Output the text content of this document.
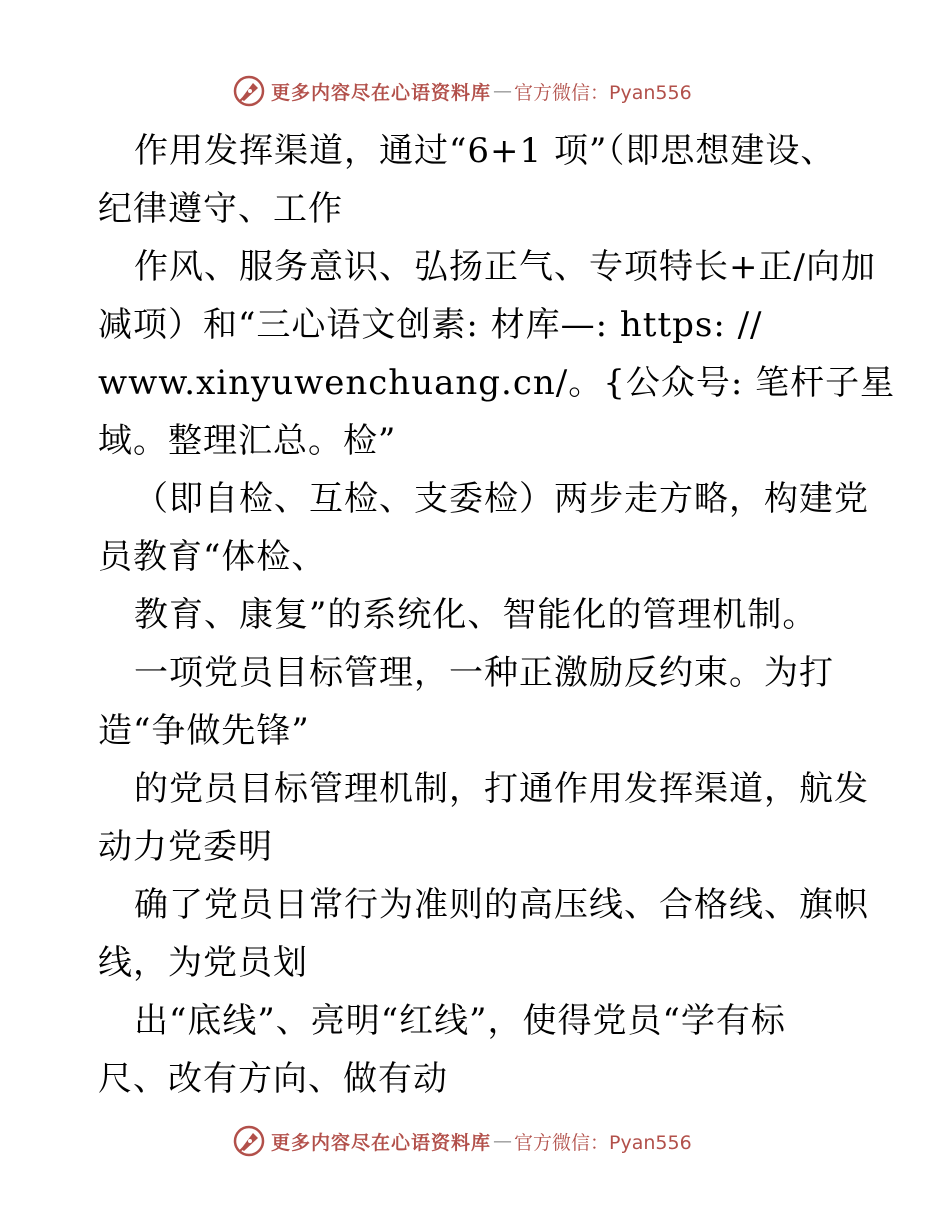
更多内容尽在心语资料库 — 官方微信：Pyan556
作用发挥渠道，通过“6+1 项”（即思想建设、
纪律遵守、工作
作风、服务意识、弘扬正气、专项特长+正/向加
减项）和“三心语文创素: 材库—: https: //
www.xinyuwenchuang.cn/。{公众号: 笔杆子星
域。整理汇总。检”
（即自检、互检、支委检）两步走方略，构建党
员教育“体检、
教育、康复”的系统化、智能化的管理机制。
一项党员目标管理，一种正激励反约束。为打
造“争做先锋”
的党员目标管理机制，打通作用发挥渠道，航发
动力党委明
确了党员日常行为准则的高压线、合格线、旗帜
线，为党员划
出“底线”、亮明“红线”，使得党员“学有标
尺、改有方向、做有动
更多内容尽在心语资料库 — 官方微信：Pyan556
